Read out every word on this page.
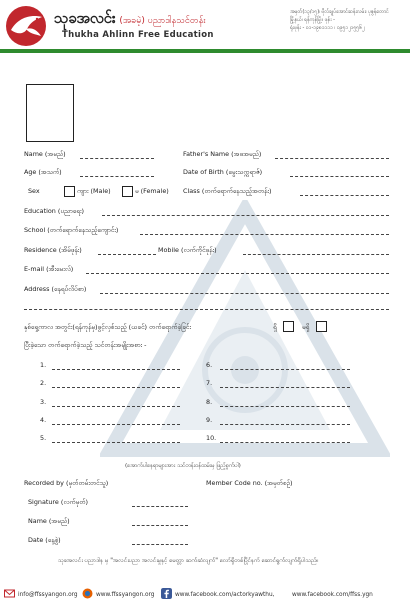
သုခအလင်း (အခမဲ့) ပညာဒါနသင်တန်း
Thukha Ahlinn Free Education
အမှတ်(၁၃/၁၅)၊ ဗိုလ်ချုပ်အောင်ဆန်းလမ်း၊ ပုဇွန်တောင်
မြို့နယ်၊ ရန်ကုန်မြို့။ ဖုန်း -
ရုံးဖုန်း - ၀၁-၁၉၈၁၁၁၁ ၊ ၀၉၅၁၂၁၅၅၆၂
Name (အမည်)	Father's Name (အဖအမည်)
Age (အသက်)	Date of Birth (မွေးသက္ကရာဇ်)
Sex	ကျား (Male)	မ (Female) Class (တက်ရောက်နေသည့်အတန်း)
Education (ပညာရေး)
School (တက်ရောက်နေသည့်ကျောင်း)
Residence (အိမ်ဖုန်း)	Mobile (လက်ကိုင်ဖုန်း)
E-mail (အီးမေးလ်)
Address (နေရပ်လိပ်စာ)
နှစ်ရှေ့ကာလ အတွင်း(ရန်ကုန်မှ)ဖွင့်လှစ်သည့် (ယခင်) တက်ရောက်ခဲ့ခြင်း	ရှိ	မရှိ
ပြီးခဲ့သော တက်ရောက်ခဲ့သည့် သင်တန်းအမျိုးအစား -
1.
2.
3.
4.
5.
6.
7.
8.
9.
10.
(အောက်ပါ‌‌နေရာများအား သင်တန်းဝန်ထမ်းမှ ဖြည့်စွက်ပါ)
Recorded by (မှတ်တမ်းတင်သူ)	Member Code no. (အမှတ်စဉ်)
Signature (လက်မှတ်)
Name (အမည်)
Date (နေ့စွဲ)
သုခအလင်း ပညာဒါန မှ "အလင်းပညာ အလင်းမှုနှင့် မေတ္တာ ဆက်ဆံလျက်" လော်ရှိတစ်ပြိုင်နက် ဆောင်ရွက်လျက်ရှိပါသည်။
info@ffssyangon.org	www.ffssyangon.org	www.facebook.com/actorkyawthu,	www.facebook.com/ffss.ygn
